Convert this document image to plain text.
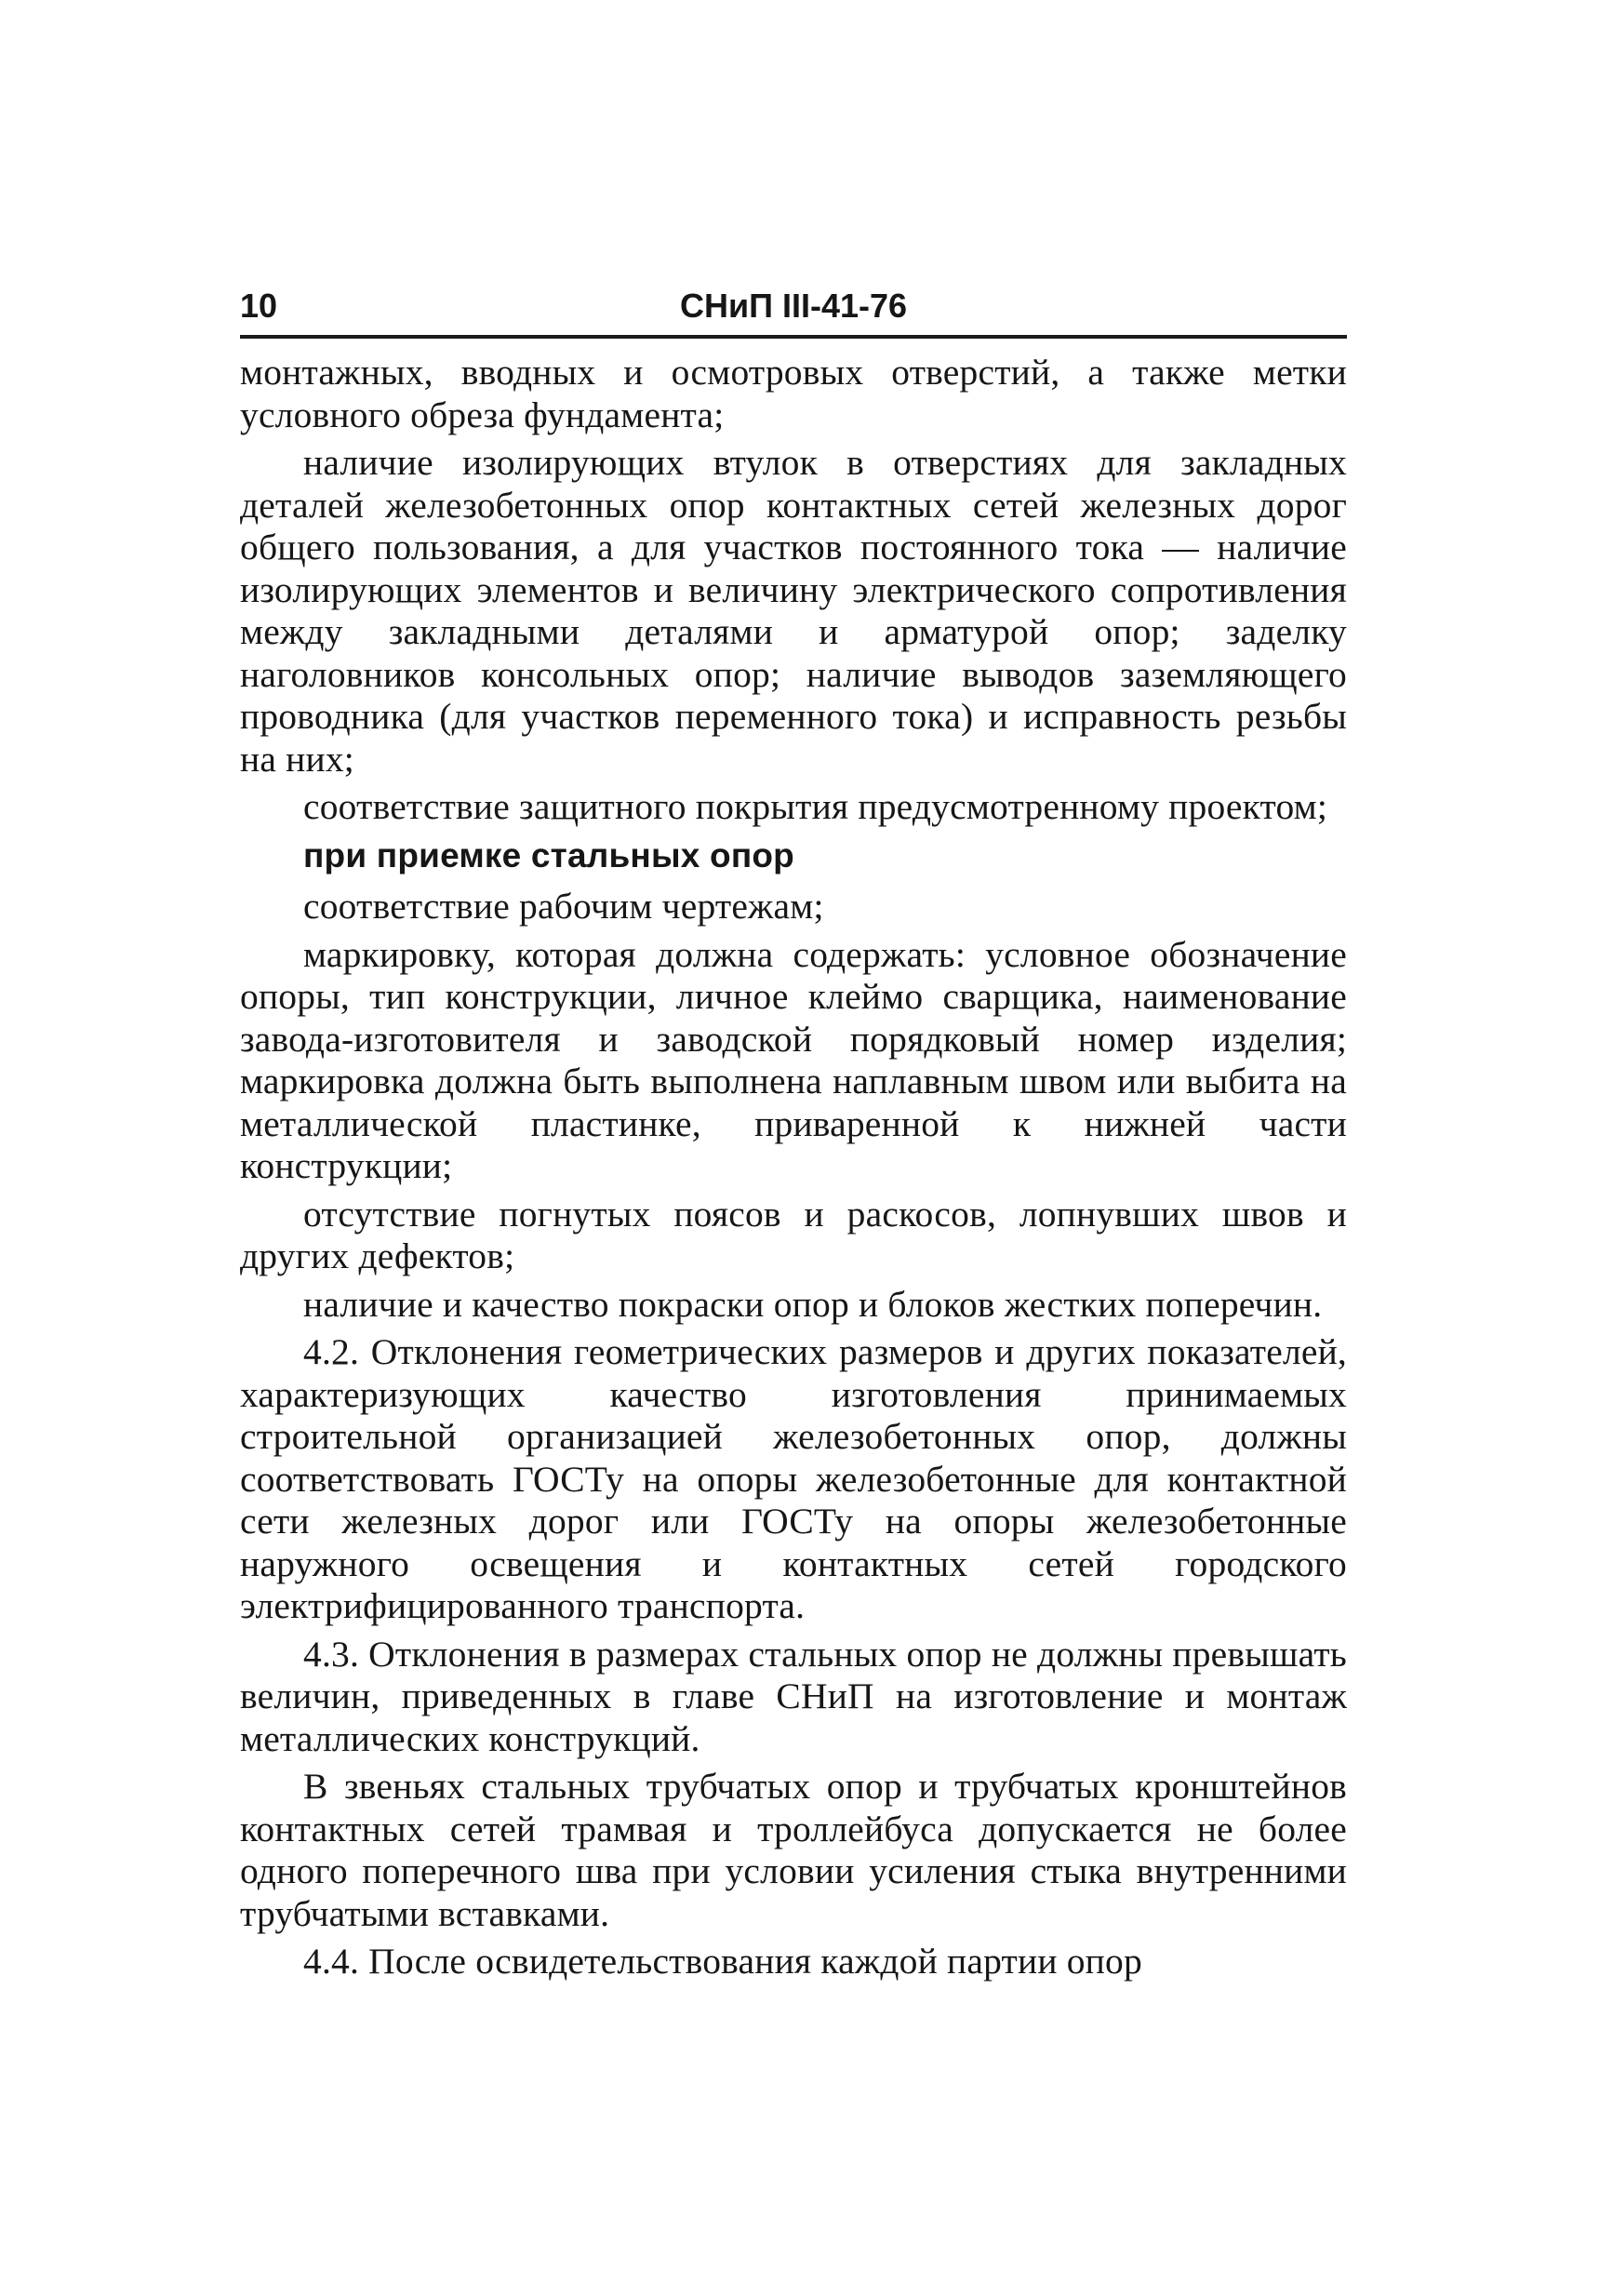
10	СНиП III-41-76

монтажных, вводных и осмотровых отверстий, а также метки условного обреза фундамента;

наличие изолирующих втулок в отверстиях для закладных деталей железобетонных опор контактных сетей железных дорог общего пользования, а для участков постоянного тока — наличие изолирующих элементов и величину электрического сопротивления между закладными деталями и арматурой опор; заделку наголовников консольных опор; наличие выводов заземляющего проводника (для участков переменного тока) и исправность резьбы на них;

соответствие защитного покрытия предусмотренному проектом;

при приемке стальных опор

соответствие рабочим чертежам;

маркировку, которая должна содержать: условное обозначение опоры, тип конструкции, личное клеймо сварщика, наименование завода-изготовителя и заводской порядковый номер изделия; маркировка должна быть выполнена наплавным швом или выбита на металлической пластинке, приваренной к нижней части конструкции;

отсутствие погнутых поясов и раскосов, лопнувших швов и других дефектов;

наличие и качество покраски опор и блоков жестких поперечин.

4.2. Отклонения геометрических размеров и других показателей, характеризующих качество изготовления принимаемых строительной организацией железобетонных опор, должны соответствовать ГОСТу на опоры железобетонные для контактной сети железных дорог или ГОСТу на опоры железобетонные наружного освещения и контактных сетей городского электрифицированного транспорта.

4.3. Отклонения в размерах стальных опор не должны превышать величин, приведенных в главе СНиП на изготовление и монтаж металлических конструкций.

В звеньях стальных трубчатых опор и трубчатых кронштейнов контактных сетей трамвая и троллейбуса допускается не более одного поперечного шва при условии усиления стыка внутренними трубчатыми вставками.

4.4. После освидетельствования каждой партии опор
